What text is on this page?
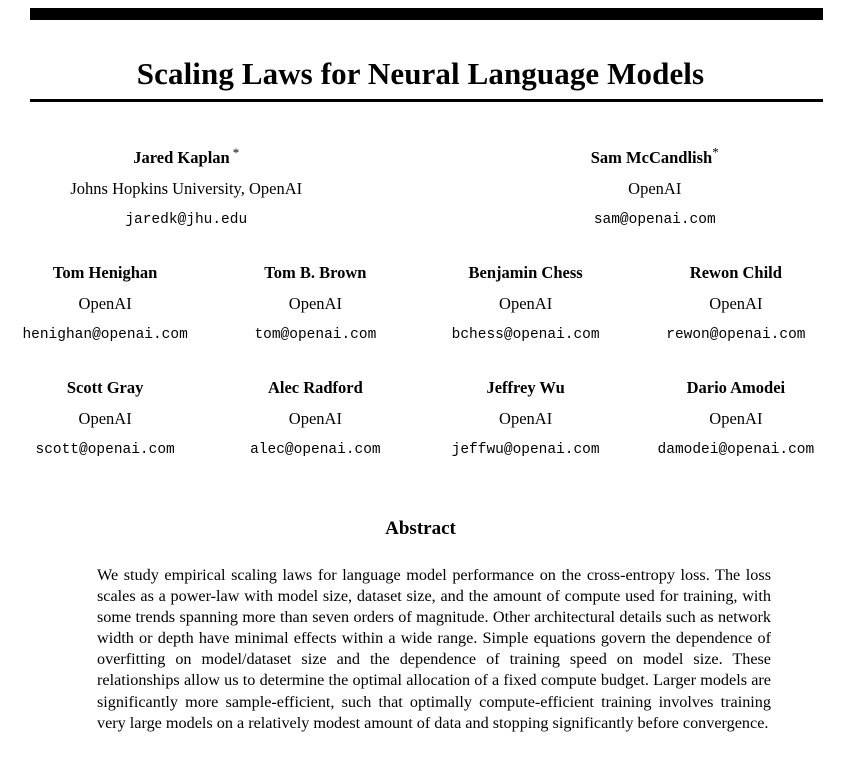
Scaling Laws for Neural Language Models
Jared Kaplan *
Johns Hopkins University, OpenAI
jaredk@jhu.edu
Sam McCandlish*
OpenAI
sam@openai.com
Tom Henighan
OpenAI
henighan@openai.com
Tom B. Brown
OpenAI
tom@openai.com
Benjamin Chess
OpenAI
bchess@openai.com
Rewon Child
OpenAI
rewon@openai.com
Scott Gray
OpenAI
scott@openai.com
Alec Radford
OpenAI
alec@openai.com
Jeffrey Wu
OpenAI
jeffwu@openai.com
Dario Amodei
OpenAI
damodei@openai.com
Abstract
We study empirical scaling laws for language model performance on the cross-entropy loss. The loss scales as a power-law with model size, dataset size, and the amount of compute used for training, with some trends spanning more than seven orders of magnitude. Other architectural details such as network width or depth have minimal effects within a wide range. Simple equations govern the dependence of overfitting on model/dataset size and the dependence of training speed on model size. These relationships allow us to determine the optimal allocation of a fixed compute budget. Larger models are significantly more sample-efficient, such that optimally compute-efficient training involves training very large models on a relatively modest amount of data and stopping significantly before convergence.
